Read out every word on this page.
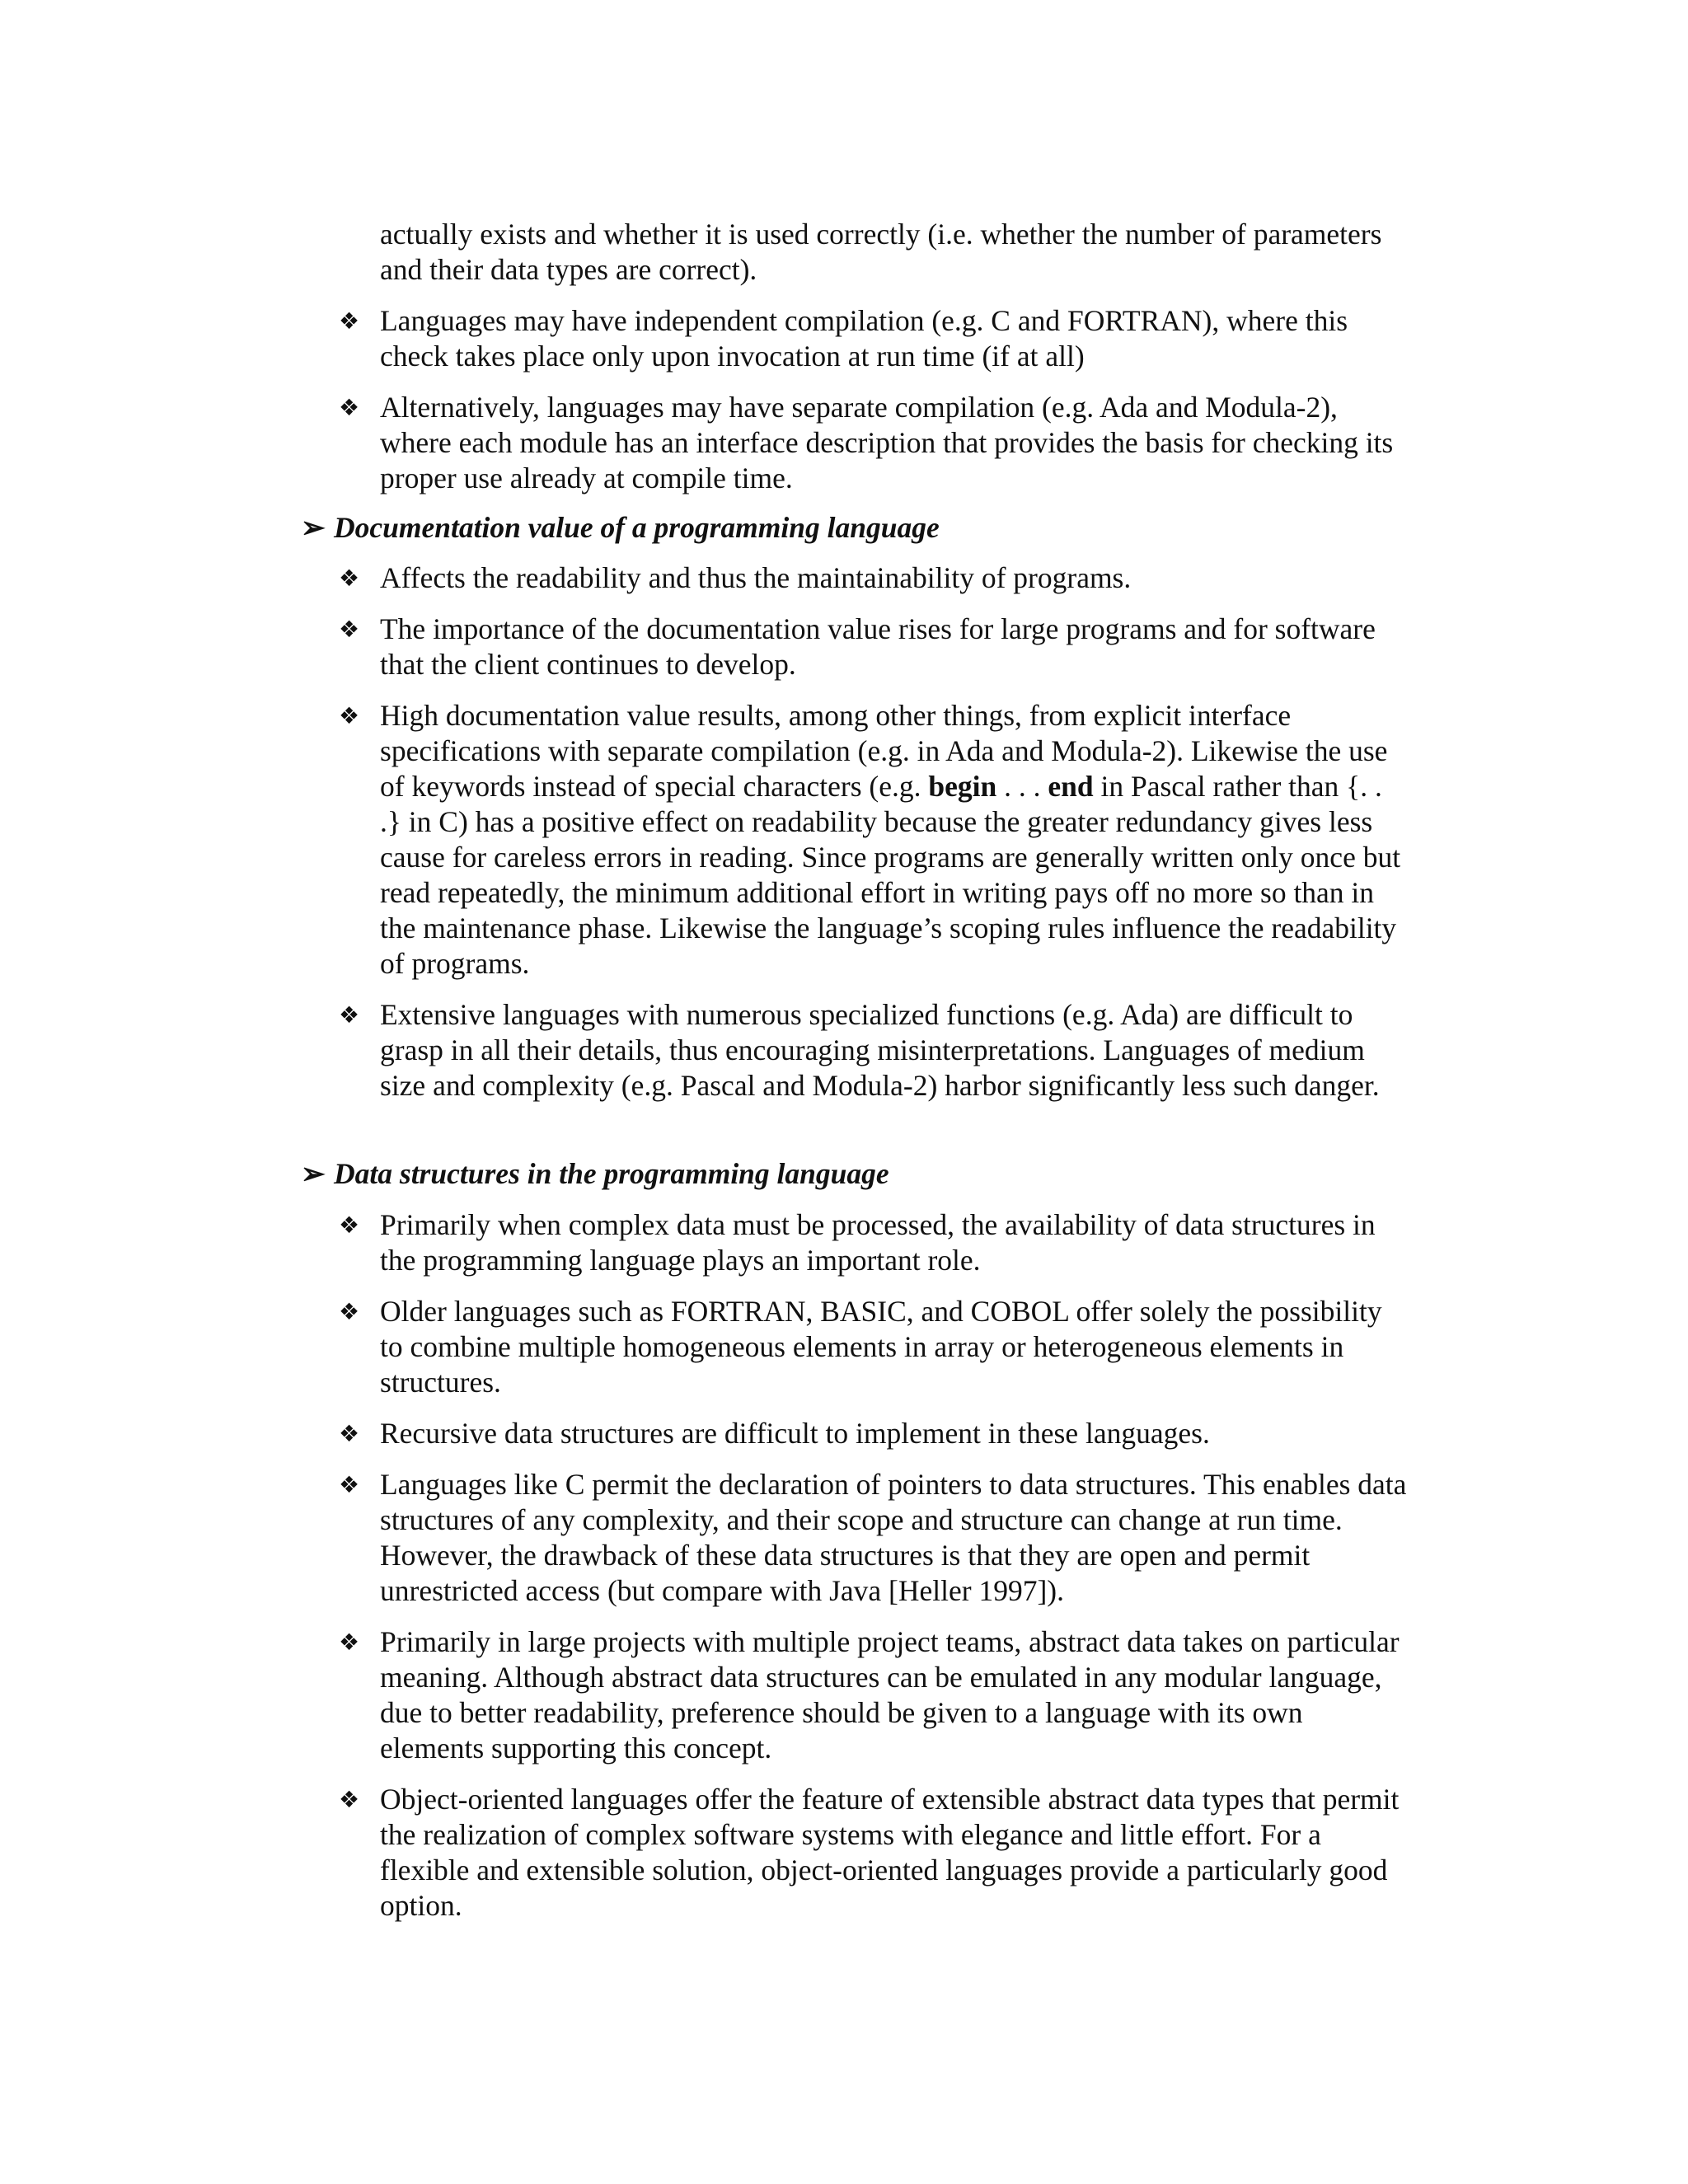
actually exists and whether it is used correctly (i.e. whether the number of parameters and their data types are correct).

❖ Languages may have independent compilation (e.g. C and FORTRAN), where this check takes place only upon invocation at run time (if at all)
❖ Alternatively, languages may have separate compilation (e.g. Ada and Modula-2), where each module has an interface description that provides the basis for checking its proper use already at compile time.
➢ Documentation value of a programming language
❖ Affects the readability and thus the maintainability of programs.
❖ The importance of the documentation value rises for large programs and for software that the client continues to develop.
❖ High documentation value results, among other things, from explicit interface specifications with separate compilation (e.g. in Ada and Modula-2). Likewise the use of keywords instead of special characters (e.g. begin . . . end in Pascal rather than {. . .} in C) has a positive effect on readability because the greater redundancy gives less cause for careless errors in reading. Since programs are generally written only once but read repeatedly, the minimum additional effort in writing pays off no more so than in the maintenance phase. Likewise the language’s scoping rules influence the readability of programs.
❖ Extensive languages with numerous specialized functions (e.g. Ada) are difficult to grasp in all their details, thus encouraging misinterpretations. Languages of medium size and complexity (e.g. Pascal and Modula-2) harbor significantly less such danger.
➢ Data structures in the programming language
❖ Primarily when complex data must be processed, the availability of data structures in the programming language plays an important role.
❖ Older languages such as FORTRAN, BASIC, and COBOL offer solely the possibility to combine multiple homogeneous elements in array or heterogeneous elements in structures.
❖ Recursive data structures are difficult to implement in these languages.
❖ Languages like C permit the declaration of pointers to data structures. This enables data structures of any complexity, and their scope and structure can change at run time. However, the drawback of these data structures is that they are open and permit unrestricted access (but compare with Java [Heller 1997]).
❖ Primarily in large projects with multiple project teams, abstract data takes on particular meaning. Although abstract data structures can be emulated in any modular language, due to better readability, preference should be given to a language with its own elements supporting this concept.
❖ Object-oriented languages offer the feature of extensible abstract data types that permit the realization of complex software systems with elegance and little effort. For a flexible and extensible solution, object-oriented languages provide a particularly good option.
